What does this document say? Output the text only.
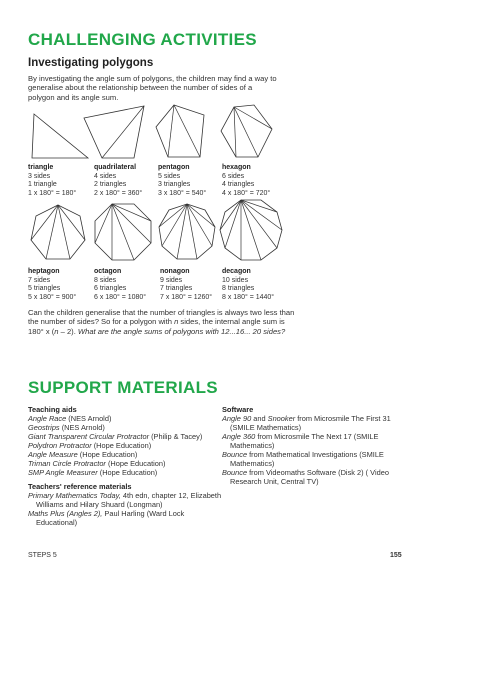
CHALLENGING ACTIVITIES
Investigating polygons
By investigating the angle sum of polygons, the children may find a way to generalise about the relationship between the number of sides of a polygon and its angle sum.
triangle
3 sides
1 triangle
1 x 180° = 180°
quadrilateral
4 sides
2 triangles
2 x 180° = 360°
pentagon
5 sides
3 triangles
3 x 180° = 540°
hexagon
6 sides
4 triangles
4 x 180° = 720°
heptagon
7 sides
5 triangles
5 x 180° = 900°
octagon
8 sides
6 triangles
6 x 180° = 1080°
nonagon
9 sides
7 triangles
7 x 180° = 1260°
decagon
10 sides
8 triangles
8 x 180° = 1440°
Can the children generalise that the number of triangles is always two less than the number of sides? So for a polygon with n sides, the internal angle sum is 180° x (n – 2). What are the angle sums of polygons with 12...16... 20 sides?
SUPPORT MATERIALS
Teaching aids
Angle Race (NES Arnold)
Geostrips (NES Arnold)
Giant Transparent Circular Protractor (Philip & Tacey)
Polydron Protractor (Hope Education)
Angle Measure (Hope Education)
Triman Circle Protractor (Hope Education)
SMP Angle Measurer (Hope Education)
Teachers' reference materials
Primary Mathematics Today, 4th edn, chapter 12, Elizabeth Williams and Hilary Shuard (Longman)
Maths Plus (Angles 2), Paul Harling (Ward Lock Educational)
Software
Angle 90 and Snooker from Microsmile The First 31 (SMILE Mathematics)
Angle 360 from Microsmile The Next 17 (SMILE Mathematics)
Bounce from Mathematical Investigations (SMILE Mathematics)
Bounce from Videomaths Software (Disk 2) ( Video Research Unit, Central TV)
STEPS 5	155
